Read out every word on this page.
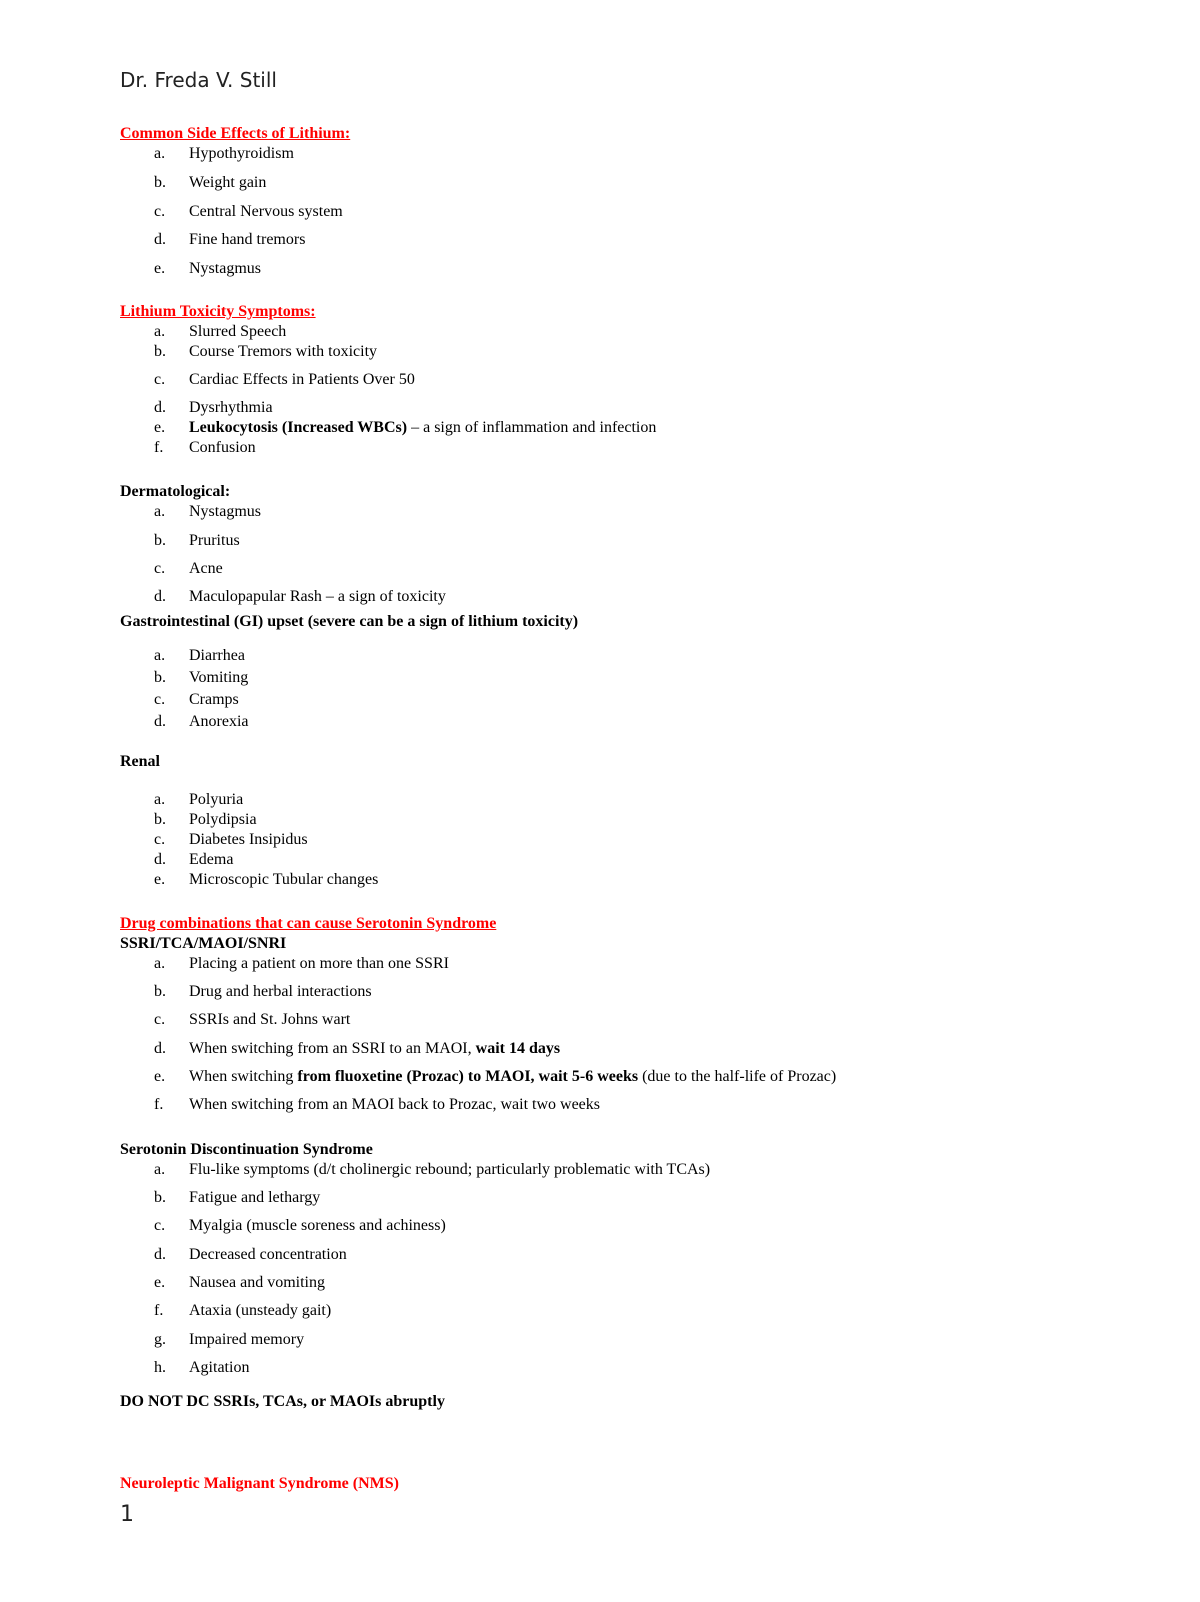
Dr. Freda V. Still
Common Side Effects of Lithium:
a.	Hypothyroidism
b.	Weight gain
c.	Central Nervous system
d.	Fine hand tremors
e.	Nystagmus
Lithium Toxicity Symptoms:
a.	Slurred Speech
b.	Course Tremors with toxicity
c.	Cardiac Effects in Patients Over 50
d.	Dysrhythmia
e.	Leukocytosis (Increased WBCs) – a sign of inflammation and infection
f.	Confusion
Dermatological:
a.	Nystagmus
b.	Pruritus
c.	Acne
d.	Maculopapular Rash – a sign of toxicity
Gastrointestinal (GI) upset (severe can be a sign of lithium toxicity)
a.	Diarrhea
b.	Vomiting
c.	Cramps
d.	Anorexia
Renal
a.	Polyuria
b.	Polydipsia
c.	Diabetes Insipidus
d.	Edema
e.	Microscopic Tubular changes
Drug combinations that can cause Serotonin Syndrome
SSRI/TCA/MAOI/SNRI
a.	Placing a patient on more than one SSRI
b.	Drug and herbal interactions
c.	SSRIs and St. Johns wart
d.	When switching from an SSRI to an MAOI, wait 14 days
e.	When switching from fluoxetine (Prozac) to MAOI, wait 5-6 weeks (due to the half-life of Prozac)
f.	When switching from an MAOI back to Prozac, wait two weeks
Serotonin Discontinuation Syndrome
a.	Flu-like symptoms (d/t cholinergic rebound; particularly problematic with TCAs)
b.	Fatigue and lethargy
c.	Myalgia (muscle soreness and achiness)
d.	Decreased concentration
e.	Nausea and vomiting
f.	Ataxia (unsteady gait)
g.	Impaired memory
h.	Agitation
DO NOT DC SSRIs, TCAs, or MAOIs abruptly
Neuroleptic Malignant Syndrome (NMS)
1
